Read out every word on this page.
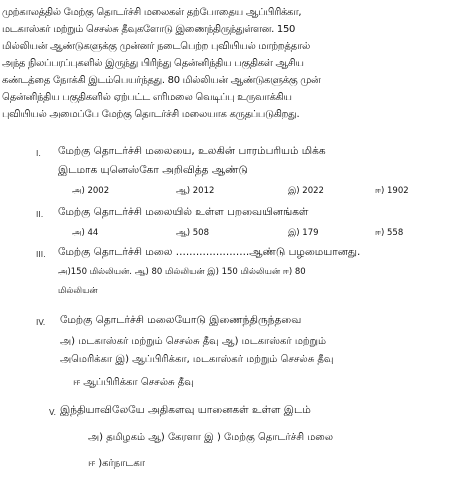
முற்காலத்தில் மேற்கு தொடர்ச்சி மலைகள் தற்போதைய ஆப்பிரிக்கா,
மடகாஸ்கர் மற்றும் செசல்சு தீவுகளோடு இணைந்திருந்துள்ளன. 150
மில்லியன் ஆண்டுகளுக்கு முன்னர் நடைபெற்ற புவியியல் மாற்றத்தால்
அந்த நிலப்பரப்புகளில் இருந்து பிரிந்து தென்னிந்திய பகுதிகள் ஆசிய
கண்டத்தை நோக்கி இடம்பெயர்ந்தது. 80 மில்லியன் ஆண்டுகளுக்கு முன்
தென்னிந்திய பகுதிகளில் ஏற்பட்ட எரிமலை வெடிப்பு உருவாக்கிய
புவியியல் அமைப்பே மேற்கு தொடர்ச்சி மலையாக கருதப்படுகிறது.
I. மேற்கு தொடர்ச்சி மலையை, உலகின் பாரம்பரியம் மிக்க
இடமாக யுனெஸ்கோ அறிவித்த ஆண்டு
அ) 2002	ஆ) 2012	இ) 2022	ஈ) 1902
II. மேற்கு தொடர்ச்சி மலையில் உள்ள பறவையினங்கள்
அ) 44	ஆ) 508	இ) 179	ஈ) 558
III. மேற்கு தொடர்ச்சி மலை ......................ஆண்டு பழமையானது.
அ)150 மில்லியன். ஆ) 80 மில்லியன் இ) 150 மில்லியன் ஈ) 80
மில்லியன்
IV. மேற்கு தொடர்ச்சி மலையோடு இணைந்திருந்தவை
அ) மடகாஸ்கர் மற்றும் செசல்சு தீவு ஆ) மடகாஸ்கர் மற்றும்
அமெரிக்கா இ) ஆப்பிரிக்கா, மடகாஸ்கர் மற்றும் செசல்சு தீவு
ஈ ஆப்பிரிக்கா செசல்சு தீவு
V. இந்தியாவிலேயே அதிகளவு யானைகள் உள்ள இடம்
அ) தமிழகம் ஆ) கேரளா இ ) மேற்கு தொடர்ச்சி மலை
ஈ )கர்நாடகா
